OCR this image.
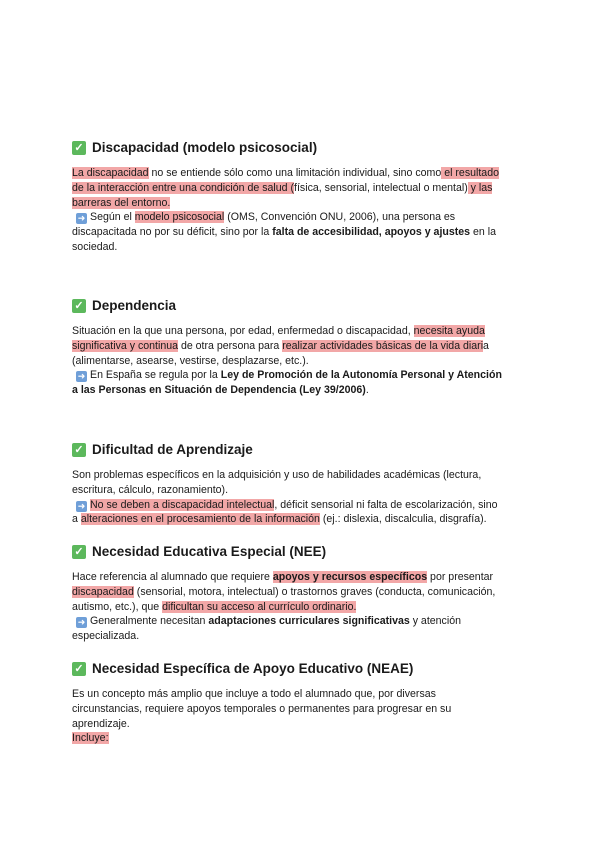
✓ Discapacidad (modelo psicosocial)
La discapacidad no se entiende sólo como una limitación individual, sino como el resultado
de la interacción entre una condición de salud (física, sensorial, intelectual o mental) y las
barreras del entorno.
➜ Según el modelo psicosocial (OMS, Convención ONU, 2006), una persona es
discapacitada no por su déficit, sino por la falta de accesibilidad, apoyos y ajustes en la
sociedad.
✓ Dependencia
Situación en la que una persona, por edad, enfermedad o discapacidad, necesita ayuda
significativa y continua de otra persona para realizar actividades básicas de la vida diaria
(alimentarse, asearse, vestirse, desplazarse, etc.).
➜ En España se regula por la Ley de Promoción de la Autonomía Personal y Atención
a las Personas en Situación de Dependencia (Ley 39/2006).
✓ Dificultad de Aprendizaje
Son problemas específicos en la adquisición y uso de habilidades académicas (lectura,
escritura, cálculo, razonamiento).
➜ No se deben a discapacidad intelectual, déficit sensorial ni falta de escolarización, sino
a alteraciones en el procesamiento de la información (ej.: dislexia, discalculia, disgrafía).
✓ Necesidad Educativa Especial (NEE)
Hace referencia al alumnado que requiere apoyos y recursos específicos por presentar
discapacidad (sensorial, motora, intelectual) o trastornos graves (conducta, comunicación,
autismo, etc.), que dificultan su acceso al currículo ordinario.
➜ Generalmente necesitan adaptaciones curriculares significativas y atención
especializada.
✓ Necesidad Específica de Apoyo Educativo (NEAE)
Es un concepto más amplio que incluye a todo el alumnado que, por diversas
circunstancias, requiere apoyos temporales o permanentes para progresar en su
aprendizaje.
Incluye:
